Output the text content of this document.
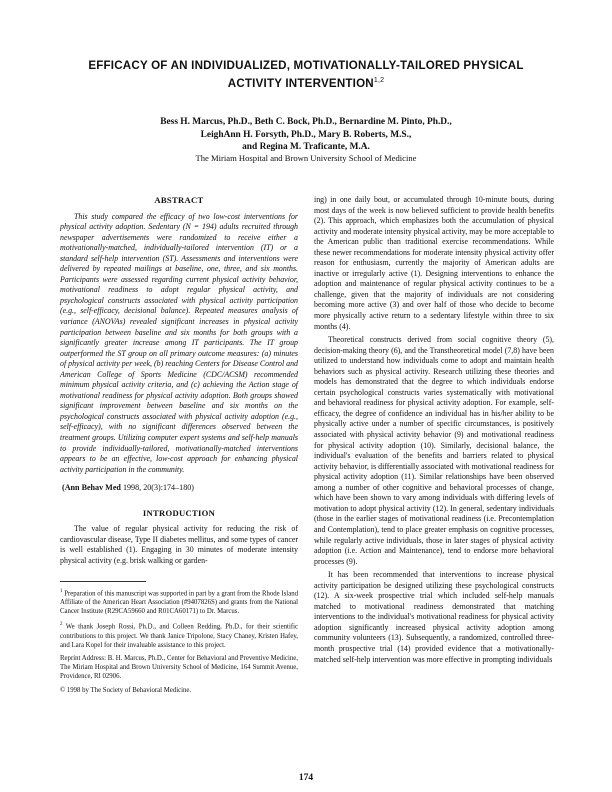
EFFICACY OF AN INDIVIDUALIZED, MOTIVATIONALLY-TAILORED PHYSICAL ACTIVITY INTERVENTION$^{1,2}$
Bess H. Marcus, Ph.D., Beth C. Bock, Ph.D., Bernardine M. Pinto, Ph.D.,
LeighAnn H. Forsyth, Ph.D., Mary B. Roberts, M.S.,
and Regina M. Traficante, M.A.
The Miriam Hospital and Brown University School of Medicine
ABSTRACT

This study compared the efficacy of two low-cost interventions for physical activity adoption. Sedentary (N = 194) adults recruited through newspaper advertisements were randomized to receive either a motivationally-matched, individually-tailored intervention (IT) or a standard self-help intervention (ST). Assessments and interventions were delivered by repeated mailings at baseline, one, three, and six months. Participants were assessed regarding current physical activity behavior, motivational readiness to adopt regular physical activity, and psychological constructs associated with physical activity participation (e.g., self-efficacy, decisional balance). Repeated measures analysis of variance (ANOVAs) revealed significant increases in physical activity participation between baseline and six months for both groups with a significantly greater increase among IT participants. The IT group outperformed the ST group on all primary outcome measures: (a) minutes of physical activity per week, (b) reaching Centers for Disease Control and American College of Sports Medicine (CDC/ACSM) recommended minimum physical activity criteria, and (c) achieving the Action stage of motivational readiness for physical activity adoption. Both groups showed significant improvement between baseline and six months on the psychological constructs associated with physical activity adoption (e.g., self-efficacy), with no significant differences observed between the treatment groups. Utilizing computer expert systems and self-help manuals to provide individually-tailored, motivationally-matched interventions appears to be an effective, low-cost approach for enhancing physical activity participation in the community.

(Ann Behav Med 1998, 20(3):174–180)
INTRODUCTION

The value of regular physical activity for reducing the risk of cardiovascular disease, Type II diabetes mellitus, and some types of cancer is well established (1). Engaging in 30 minutes of moderate intensity physical activity (e.g. brisk walking or garden-

$^1$ Preparation of this manuscript was supported in part by a grant from the Rhode Island Affiliate of the American Heart Association (#9407826S) and grants from the National Cancer Institute (R29CA59660 and R01CA60171) to Dr. Marcus.

$^2$ We thank Joseph Rossi, Ph.D., and Colleen Redding, Ph.D., for their scientific contributions to this project. We thank Janice Tripolone, Stacy Chaney, Kristen Hafey, and Lara Kopel for their invaluable assistance to this project.

Reprint Address: B. H. Marcus, Ph.D., Center for Behavioral and Preventive Medicine, The Miriam Hospital and Brown University School of Medicine, 164 Summit Avenue, Providence, RI 02906.

© 1998 by The Society of Behavioral Medicine.

ing) in one daily bout, or accumulated through 10-minute bouts, during most days of the week is now believed sufficient to provide health benefits (2). This approach, which emphasizes both the accumulation of physical activity and moderate intensity physical activity, may be more acceptable to the American public than traditional exercise recommendations. While these newer recommendations for moderate intensity physical activity offer reason for enthusiasm, currently the majority of American adults are inactive or irregularly active (1). Designing interventions to enhance the adoption and maintenance of regular physical activity continues to be a challenge, given that the majority of individuals are not considering becoming more active (3) and over half of those who decide to become more physically active return to a sedentary lifestyle within three to six months (4).

Theoretical constructs derived from social cognitive theory (5), decision-making theory (6), and the Transtheoretical model (7,8) have been utilized to understand how individuals come to adopt and maintain health behaviors such as physical activity. Research utilizing these theories and models has demonstrated that the degree to which individuals endorse certain psychological constructs varies systematically with motivational and behavioral readiness for physical activity adoption. For example, self-efficacy, the degree of confidence an individual has in his/her ability to be physically active under a number of specific circumstances, is positively associated with physical activity behavior (9) and motivational readiness for physical activity adoption (10). Similarly, decisional balance, the individual's evaluation of the benefits and barriers related to physical activity behavior, is differentially associated with motivational readiness for physical activity adoption (11). Similar relationships have been observed among a number of other cognitive and behavioral processes of change, which have been shown to vary among individuals with differing levels of motivation to adopt physical activity (12). In general, sedentary individuals (those in the earlier stages of motivational readiness (i.e. Precontemplation and Contemplation), tend to place greater emphasis on cognitive processes, while regularly active individuals, those in later stages of physical activity adoption (i.e. Action and Maintenance), tend to endorse more behavioral processes (9).

It has been recommended that interventions to increase physical activity participation be designed utilizing these psychological constructs (12). A six-week prospective trial which included self-help manuals matched to motivational readiness demonstrated that matching interventions to the individual's motivational readiness for physical activity adoption significantly increased physical activity adoption among community volunteers (13). Subsequently, a randomized, controlled three-month prospective trial (14) provided evidence that a motivationally-matched self-help intervention was more effective in prompting individuals

174
